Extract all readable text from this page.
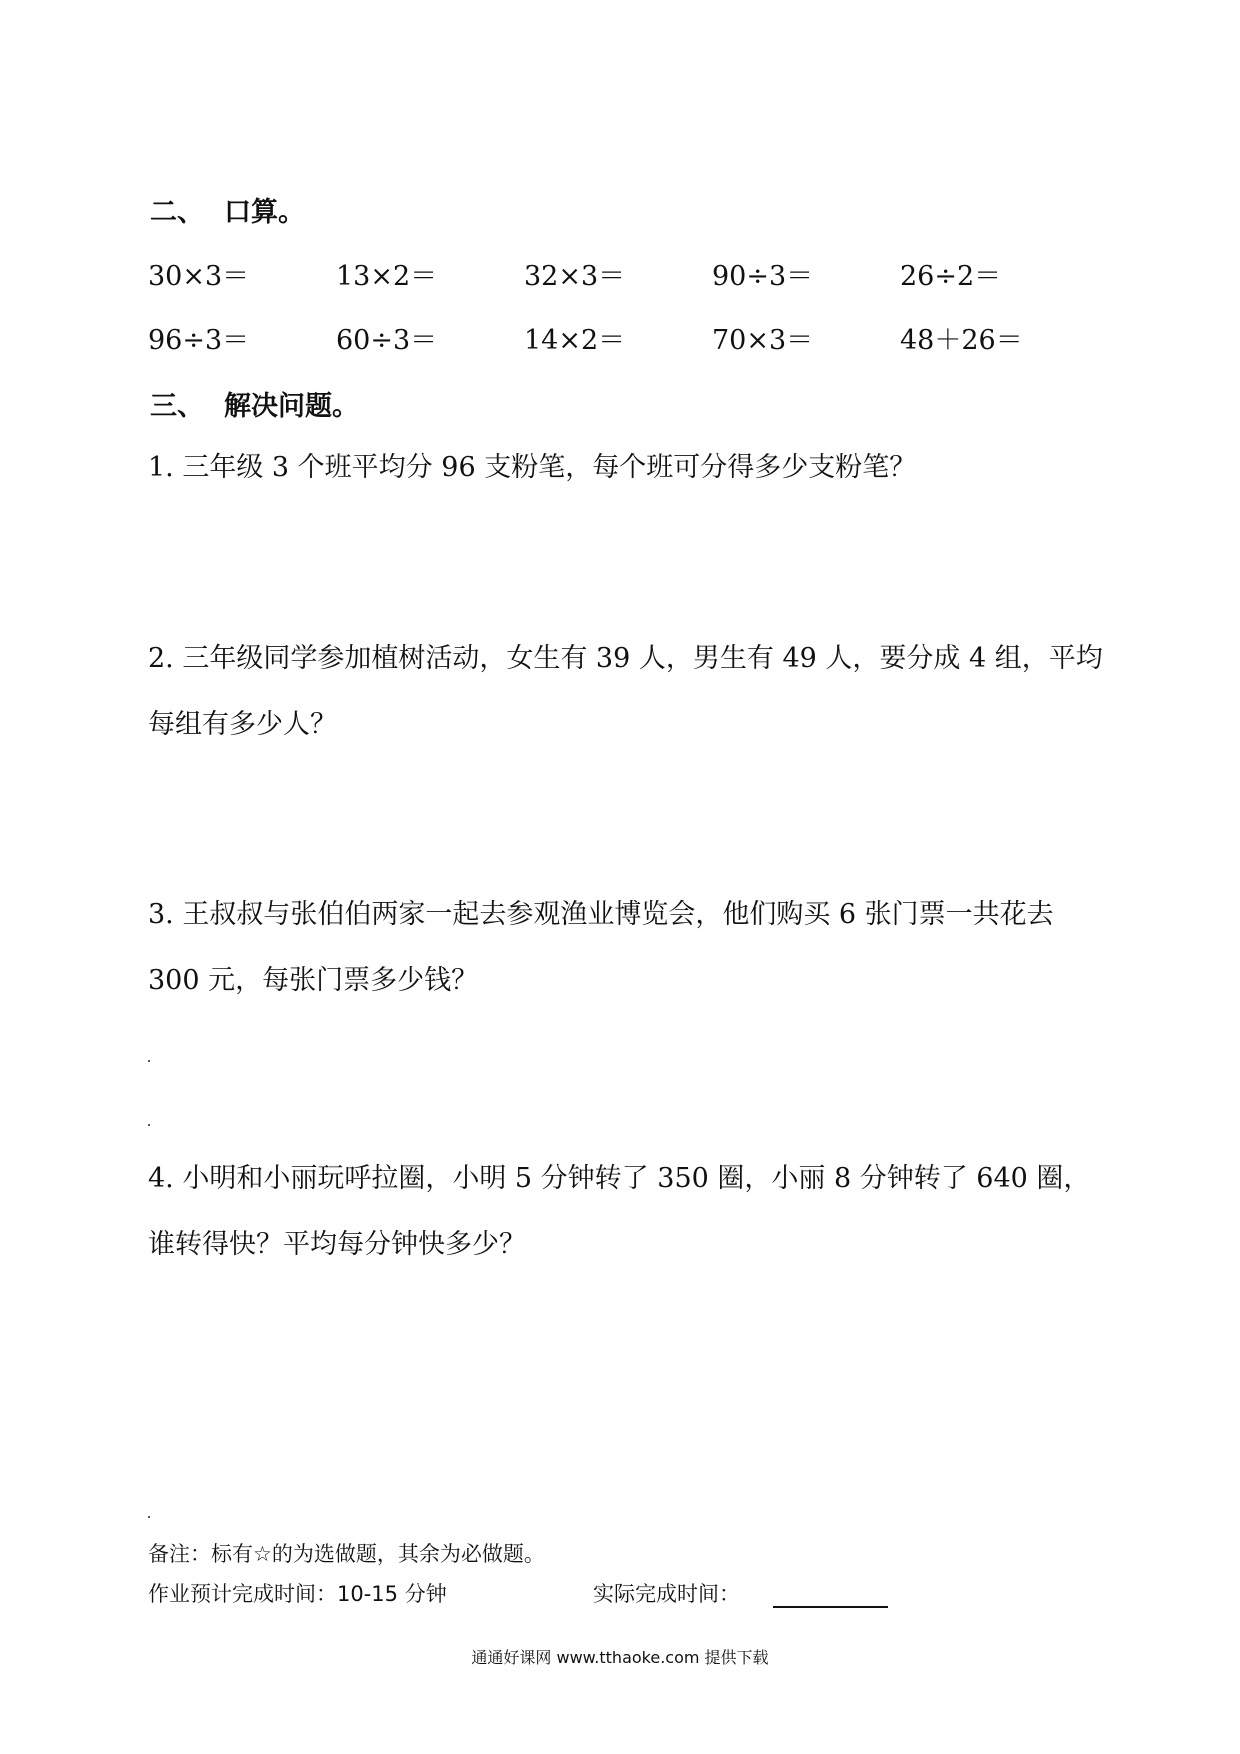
二、 口算。
30×3＝	13×2＝	32×3＝	90÷3＝	26÷2＝
96÷3＝	60÷3＝	14×2＝	70×3＝	48＋26＝
三、 解决问题。
1. 三年级 3 个班平均分 96 支粉笔，每个班可分得多少支粉笔？
2. 三年级同学参加植树活动，女生有 39 人，男生有 49 人，要分成 4 组，平均每组有多少人？
3. 王叔叔与张伯伯两家一起去参观渔业博览会，他们购买 6 张门票一共花去 300 元，每张门票多少钱？
4. 小明和小丽玩呼拉圈，小明 5 分钟转了 350 圈，小丽 8 分钟转了 640 圈，谁转得快？平均每分钟快多少？
备注：标有☆的为选做题，其余为必做题。
作业预计完成时间：10-15 分钟	实际完成时间：
通通好课网 www.tthaoke.com 提供下载
